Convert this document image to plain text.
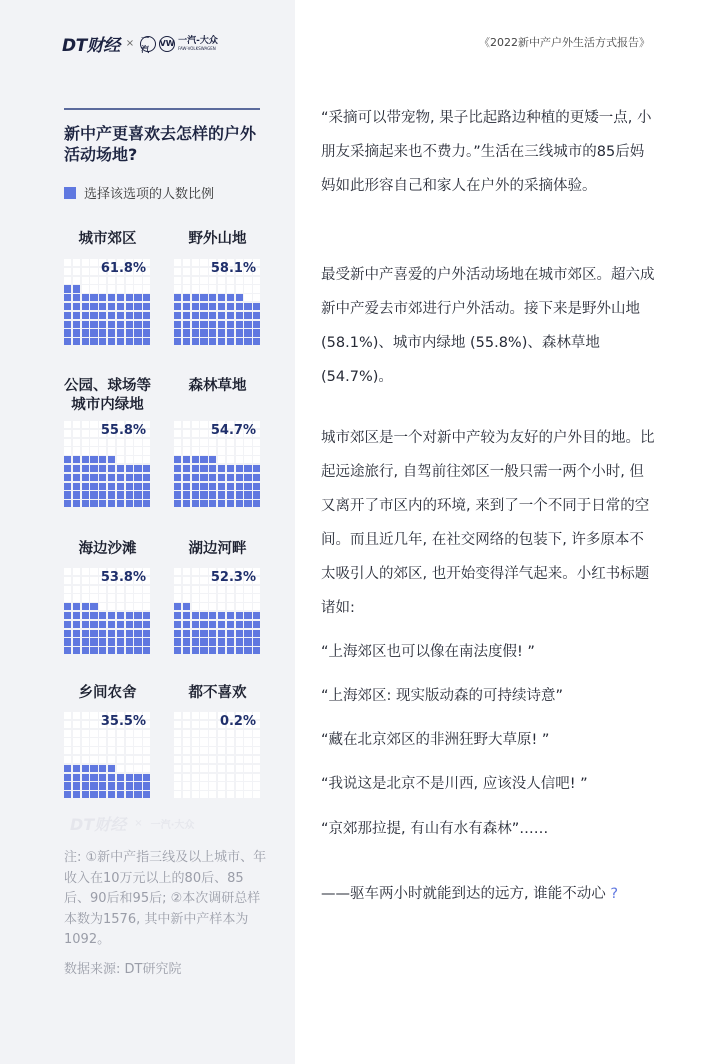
DT财经 × 一汽
VW 一汽-大众
FAW-VOLKSWAGEN	《2022新中产户外生活方式报告》
新中产更喜欢去怎样的户外活动场地?
选择该选项的人数比例
城市郊区
61.8%
野外山地
58.1%
公园、球场等
城市内绿地
55.8%
森林草地
54.7%
海边沙滩
53.8%
湖边河畔
52.3%
乡间农舍
35.5%
都不喜欢
0.2%
DT财经 × 一汽·大众
注: ①新中产指三线及以上城市、年收入在10万元以上的80后、85后、90后和95后; ②本次调研总样本数为1576, 其中新中产样本为1092。
数据来源: DT研究院
“采摘可以带宠物, 果子比起路边种植的更矮一点, 小朋友采摘起来也不费力。”生活在三线城市的85后妈妈如此形容自己和家人在户外的采摘体验。
最受新中产喜爱的户外活动场地在城市郊区。超六成新中产爱去市郊进行户外活动。接下来是野外山地 (58.1%)、城市内绿地 (55.8%)、森林草地 (54.7%)。
城市郊区是一个对新中产较为友好的户外目的地。比起远途旅行, 自驾前往郊区一般只需一两个小时, 但又离开了市区内的环境, 来到了一个不同于日常的空间。而且近几年, 在社交网络的包装下, 许多原本不太吸引人的郊区, 也开始变得洋气起来。小红书标题诸如:
“上海郊区也可以像在南法度假! ”
“上海郊区: 现实版动森的可持续诗意”
“藏在北京郊区的非洲狂野大草原! ”
“我说这是北京不是川西, 应该没人信吧! ”
“京郊那拉提, 有山有水有森林”……
——驱车两小时就能到达的远方, 谁能不动心 ?
